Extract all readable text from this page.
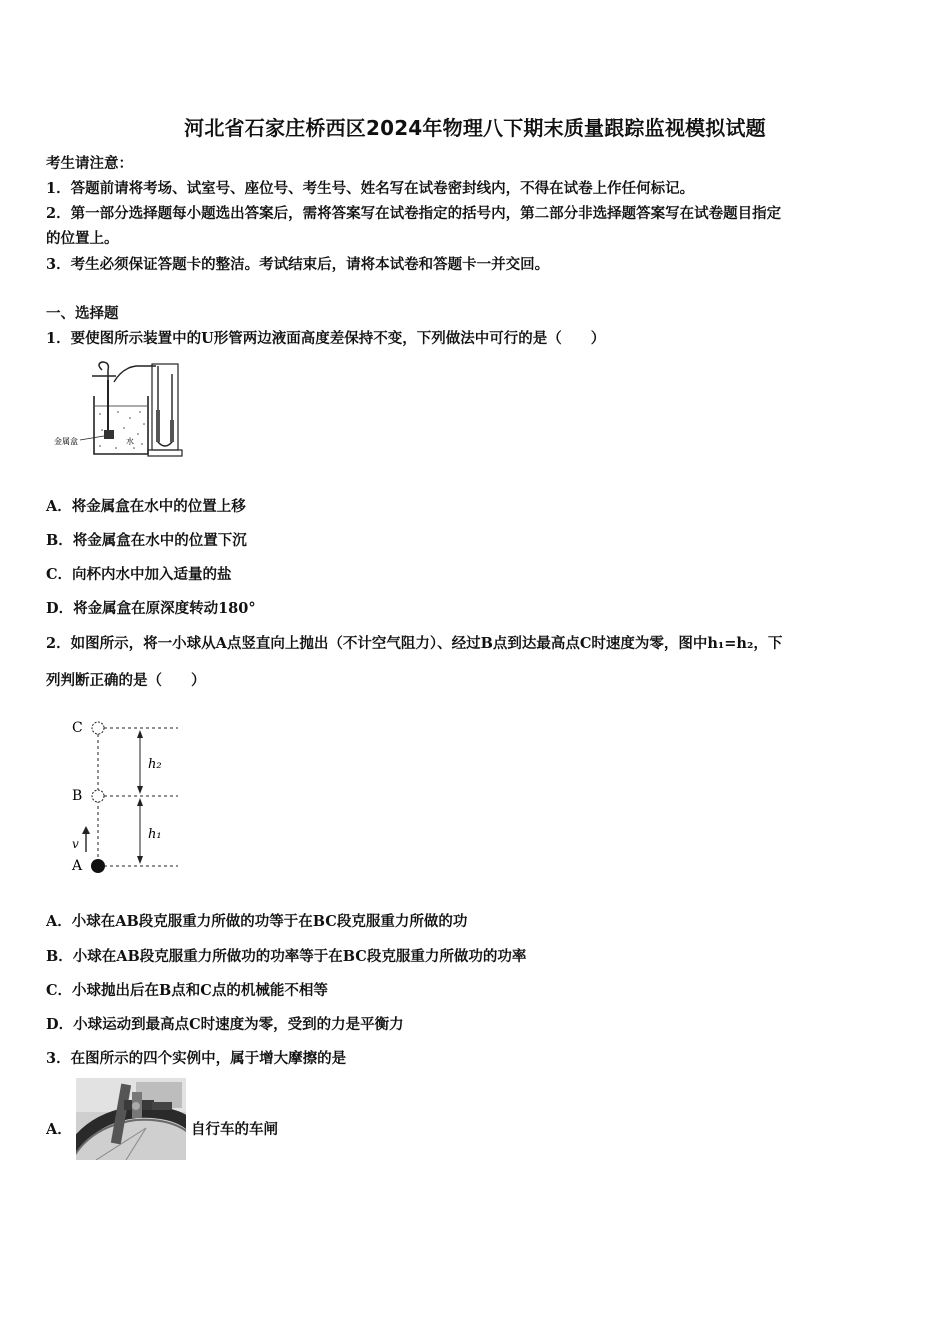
河北省石家庄桥西区2024年物理八下期末质量跟踪监视模拟试题
考生请注意：
1．答题前请将考场、试室号、座位号、考生号、姓名写在试卷密封线内，不得在试卷上作任何标记。
2．第一部分选择题每小题选出答案后，需将答案写在试卷指定的括号内，第二部分非选择题答案写在试卷题目指定
的位置上。
3．考生必须保证答题卡的整洁。考试结束后，请将本试卷和答题卡一并交回。
一、选择题
1．要使图所示装置中的U形管两边液面高度差保持不变，下列做法中可行的是（　　）
金属盒	水
A．将金属盒在水中的位置上移
B．将金属盒在水中的位置下沉
C．向杯内水中加入适量的盐
D．将金属盒在原深度转动180°
2．如图所示，将一小球从A点竖直向上抛出（不计空气阻力）、经过B点到达最高点C时速度为零，图中h₁=h₂，下
列判断正确的是（　　）
C
B
A
v
h₂
h₁
A．小球在AB段克服重力所做的功等于在BC段克服重力所做的功
B．小球在AB段克服重力所做功的功率等于在BC段克服重力所做功的功率
C．小球抛出后在B点和C点的机械能不相等
D．小球运动到最高点C时速度为零，受到的力是平衡力
3．在图所示的四个实例中，属于增大摩擦的是
A．	自行车的车闸
